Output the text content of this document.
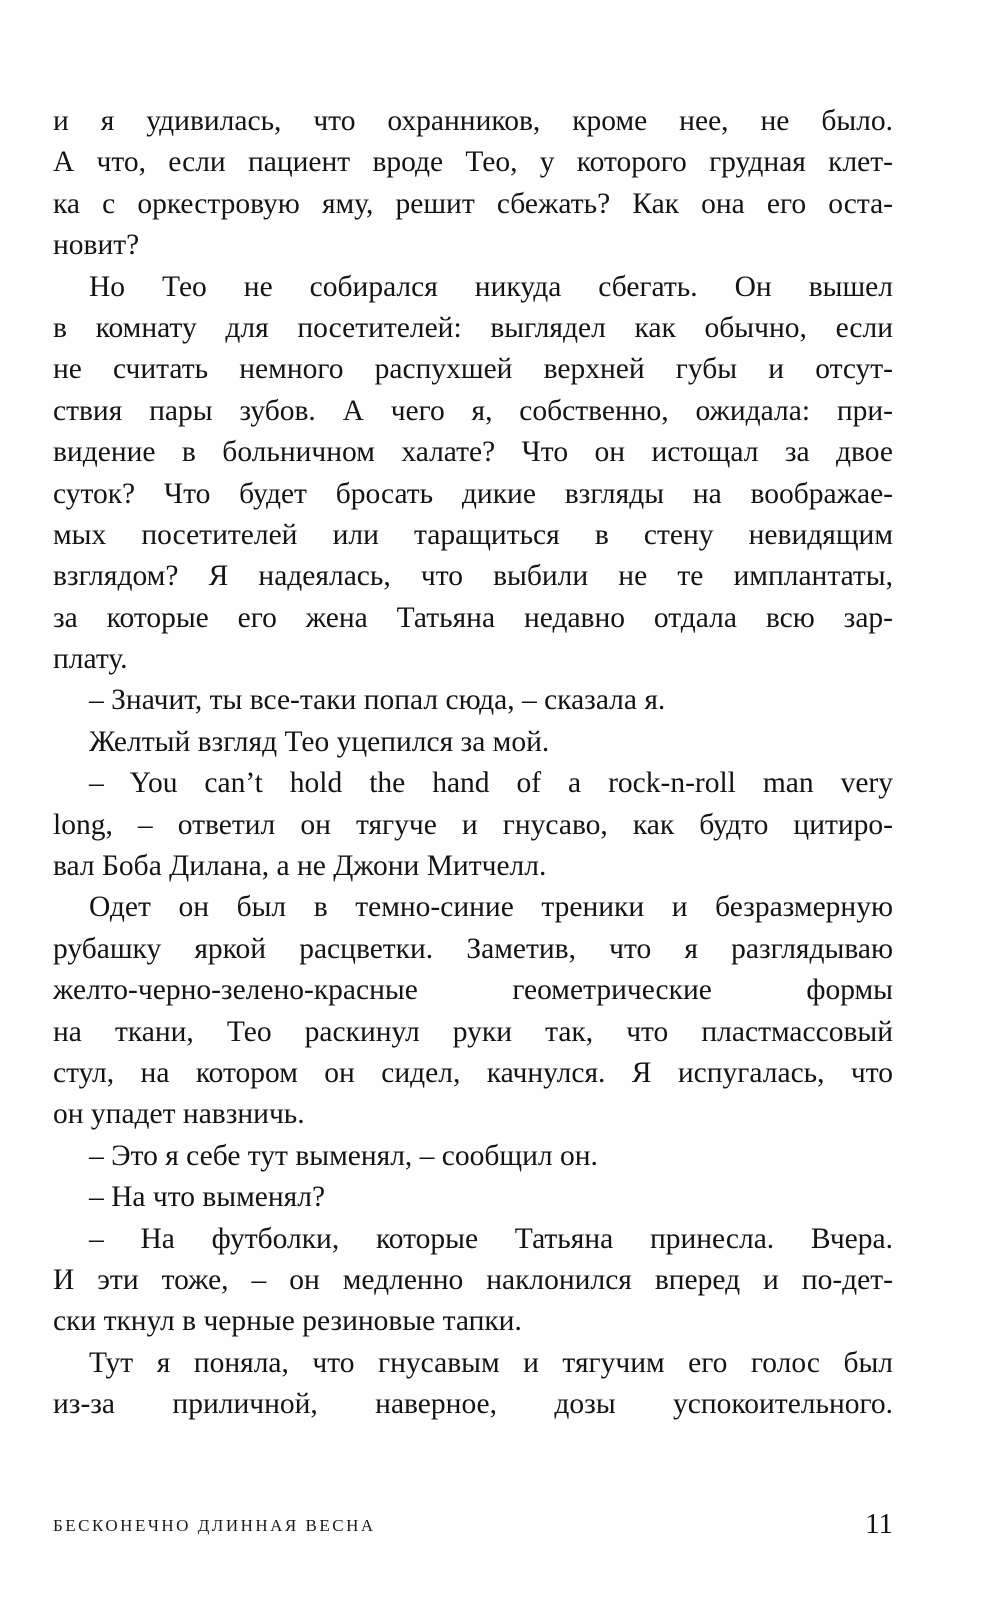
и я удивилась, что охранников, кроме нее, не было.
А что, если пациент вроде Тео, у которого грудная клет-
ка с оркестровую яму, решит сбежать? Как она его оста-
новит?
Но Тео не собирался никуда сбегать. Он вышел
в комнату для посетителей: выглядел как обычно, если
не считать немного распухшей верхней губы и отсут-
ствия пары зубов. А чего я, собственно, ожидала: при-
видение в больничном халате? Что он истощал за двое
суток? Что будет бросать дикие взгляды на воображае-
мых посетителей или таращиться в стену невидящим
взглядом? Я надеялась, что выбили не те имплантаты,
за которые его жена Татьяна недавно отдала всю зар-
плату.
– Значит, ты все-таки попал сюда, – сказала я.
Желтый взгляд Тео уцепился за мой.
– You can’t hold the hand of a rock-n-roll man very
long, – ответил он тягуче и гнусаво, как будто цитиро-
вал Боба Дилана, а не Джони Митчелл.
Одет он был в темно-синие треники и безразмерную
рубашку яркой расцветки. Заметив, что я разглядываю
желто-черно-зелено-красные геометрические формы
на ткани, Тео раскинул руки так, что пластмассовый
стул, на котором он сидел, качнулся. Я испугалась, что
он упадет навзничь.
– Это я себе тут выменял, – сообщил он.
– На что выменял?
– На футболки, которые Татьяна принесла. Вчера.
И эти тоже, – он медленно наклонился вперед и по-дет-
ски ткнул в черные резиновые тапки.
Тут я поняла, что гнусавым и тягучим его голос был
из-за приличной, наверное, дозы успокоительного.
БЕСКОНЕЧНО ДЛИННАЯ ВЕСНА	11
